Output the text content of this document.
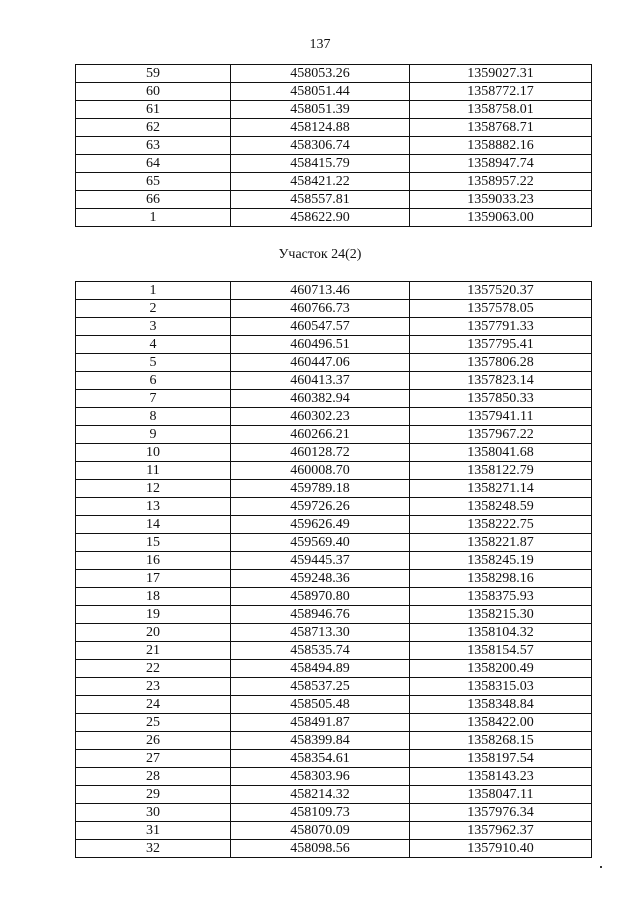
137
59	458053.26	1359027.31
60	458051.44	1358772.17
61	458051.39	1358758.01
62	458124.88	1358768.71
63	458306.74	1358882.16
64	458415.79	1358947.74
65	458421.22	1358957.22
66	458557.81	1359033.23
1	458622.90	1359063.00
Участок 24(2)
1	460713.46	1357520.37
2	460766.73	1357578.05
3	460547.57	1357791.33
4	460496.51	1357795.41
5	460447.06	1357806.28
6	460413.37	1357823.14
7	460382.94	1357850.33
8	460302.23	1357941.11
9	460266.21	1357967.22
10	460128.72	1358041.68
11	460008.70	1358122.79
12	459789.18	1358271.14
13	459726.26	1358248.59
14	459626.49	1358222.75
15	459569.40	1358221.87
16	459445.37	1358245.19
17	459248.36	1358298.16
18	458970.80	1358375.93
19	458946.76	1358215.30
20	458713.30	1358104.32
21	458535.74	1358154.57
22	458494.89	1358200.49
23	458537.25	1358315.03
24	458505.48	1358348.84
25	458491.87	1358422.00
26	458399.84	1358268.15
27	458354.61	1358197.54
28	458303.96	1358143.23
29	458214.32	1358047.11
30	458109.73	1357976.34
31	458070.09	1357962.37
32	458098.56	1357910.40
